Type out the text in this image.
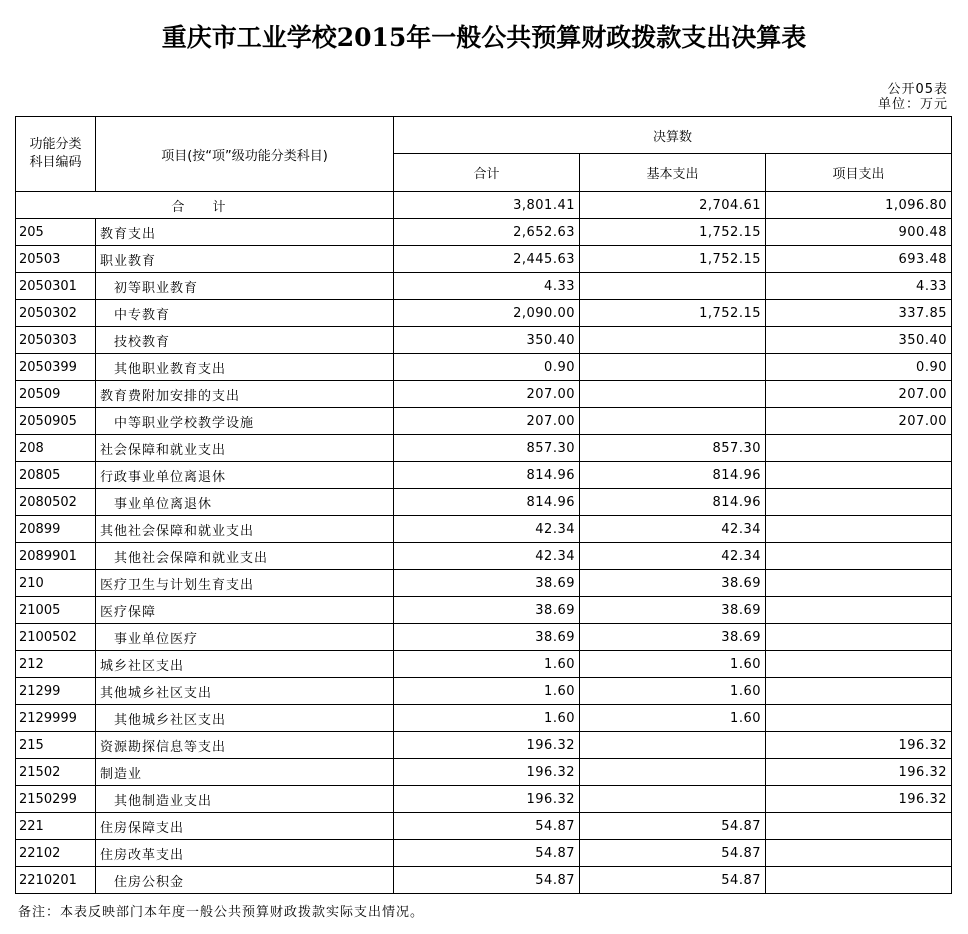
重庆市工业学校2015年一般公共预算财政拨款支出决算表
公开05表
单位：万元
功能分类
科目编码	项目(按“项”级功能分类科目)	决算数		
		合计	基本支出	项目支出
合 计		3,801.41	2,704.61	1,096.80
205	教育支出	2,652.63	1,752.15	900.48
20503	职业教育	2,445.63	1,752.15	693.48
2050301	初等职业教育	4.33		4.33
2050302	中专教育	2,090.00	1,752.15	337.85
2050303	技校教育	350.40		350.40
2050399	其他职业教育支出	0.90		0.90
20509	教育费附加安排的支出	207.00		207.00
2050905	中等职业学校教学设施	207.00		207.00
208	社会保障和就业支出	857.30	857.30	
20805	行政事业单位离退休	814.96	814.96	
2080502	事业单位离退休	814.96	814.96	
20899	其他社会保障和就业支出	42.34	42.34	
2089901	其他社会保障和就业支出	42.34	42.34	
210	医疗卫生与计划生育支出	38.69	38.69	
21005	医疗保障	38.69	38.69	
2100502	事业单位医疗	38.69	38.69	
212	城乡社区支出	1.60	1.60	
21299	其他城乡社区支出	1.60	1.60	
2129999	其他城乡社区支出	1.60	1.60	
215	资源勘探信息等支出	196.32		196.32
21502	制造业	196.32		196.32
2150299	其他制造业支出	196.32		196.32
221	住房保障支出	54.87	54.87	
22102	住房改革支出	54.87	54.87	
2210201	住房公积金	54.87	54.87	
备注：本表反映部门本年度一般公共预算财政拨款实际支出情况。
